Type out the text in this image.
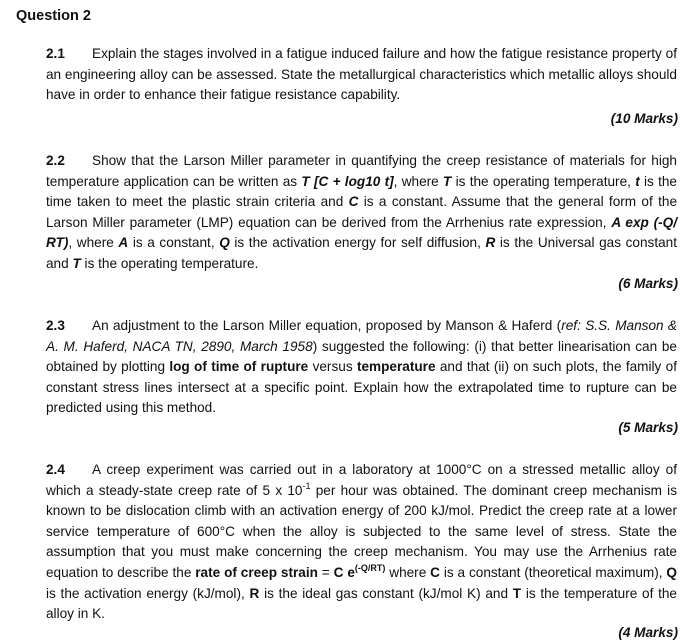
Question 2
2.1 Explain the stages involved in a fatigue induced failure and how the fatigue resistance property of an engineering alloy can be assessed. State the metallurgical characteristics which metallic alloys should have in order to enhance their fatigue resistance capability.
(10 Marks)
2.2 Show that the Larson Miller parameter in quantifying the creep resistance of materials for high temperature application can be written as T [C + log10 t], where T is the operating temperature, t is the time taken to meet the plastic strain criteria and C is a constant. Assume that the general form of the Larson Miller parameter (LMP) equation can be derived from the Arrhenius rate expression, A exp (-Q/ RT), where A is a constant, Q is the activation energy for self diffusion, R is the Universal gas constant and T is the operating temperature.
(6 Marks)
2.3 An adjustment to the Larson Miller equation, proposed by Manson & Haferd (ref: S.S. Manson & A. M. Haferd, NACA TN, 2890, March 1958) suggested the following: (i) that better linearisation can be obtained by plotting log of time of rupture versus temperature and that (ii) on such plots, the family of constant stress lines intersect at a specific point. Explain how the extrapolated time to rupture can be predicted using this method.
(5 Marks)
2.4 A creep experiment was carried out in a laboratory at 1000°C on a stressed metallic alloy of which a steady-state creep rate of 5 x $10^{-1}$ per hour was obtained. The dominant creep mechanism is known to be dislocation climb with an activation energy of 200 kJ/mol. Predict the creep rate at a lower service temperature of 600°C when the alloy is subjected to the same level of stress. State the assumption that you must make concerning the creep mechanism. You may use the Arrhenius rate equation to describe the rate of creep strain = C $e^{(-Q/RT)}$ where C is a constant (theoretical maximum), Q is the activation energy (kJ/mol), R is the ideal gas constant (kJ/mol K) and T is the temperature of the alloy in K.
(4 Marks)
